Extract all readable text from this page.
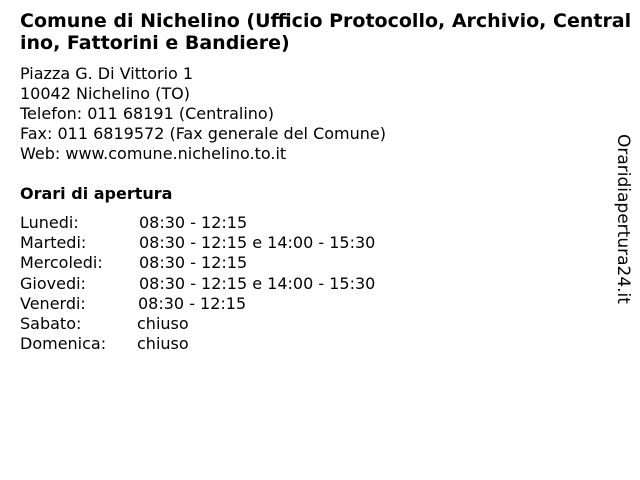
Comune di Nichelino (Ufficio Protocollo, Archivio, Centralino, Fattorini e Bandiere)
Piazza G. Di Vittorio 1
10042 Nichelino (TO)
Telefon: 011 68191 (Centralino)
Fax: 011 6819572 (Fax generale del Comune)
Web: www.comune.nichelino.to.it
Orari di apertura
Lunedi:	08:30 - 12:15
Martedi:	08:30 - 12:15 e 14:00 - 15:30
Mercoledi:	08:30 - 12:15
Giovedi:	08:30 - 12:15 e 14:00 - 15:30
Venerdi:	08:30 - 12:15
Sabato:	chiuso
Domenica:	chiuso
Oraridiapertura24.it
